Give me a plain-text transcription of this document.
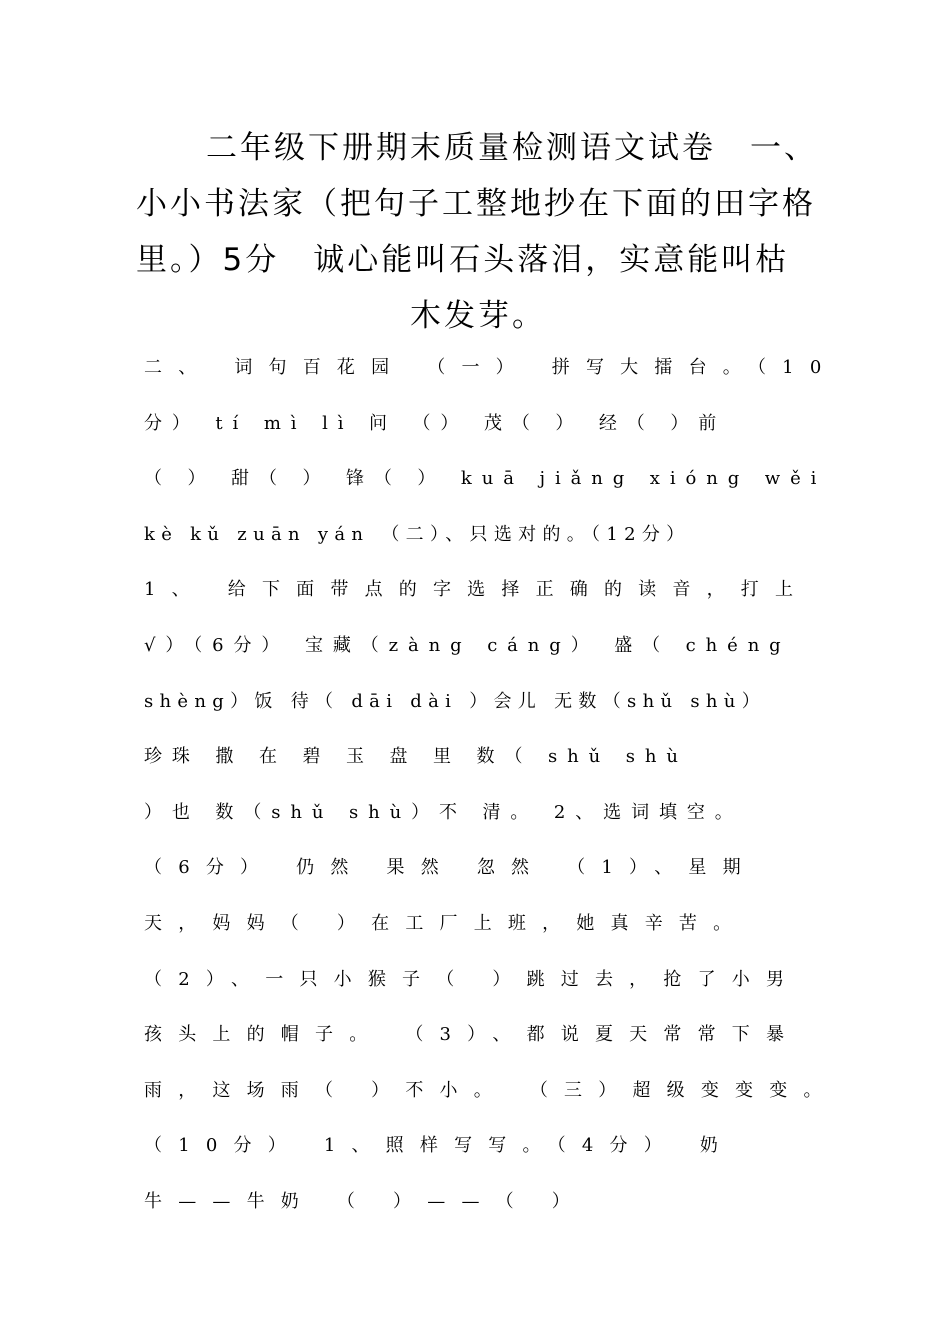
二年级下册期末质量检测语文试卷　一、
小小书法家（把句子工整地抄在下面的田字格
里。）5分　诚心能叫石头落泪，实意能叫枯
木发芽。
二、 词句百花园 （一） 拼写大擂台。（10
分） tí mì lì 问 （） 茂（ ） 经（ ）前
（ ） 甜（ ） 锋（ ） kuā jiǎng xióng wěi
kè kǔ zuān yán （二）、只选对的。（12分）
1、 给下面带点的字选择正确的读音，打上
√）（6分） 宝藏（zàng cáng） 盛（ chéng
shèng）饭 待（ dāi dài ）会儿 无数（shǔ shù）
珍珠 撒 在 碧 玉 盘 里 数（ shǔ shù
）也 数（shǔ shù）不 清。 2、选词填空。
（6分） 仍然 果然 忽然 （1）、星期
天，妈妈（ ）在工厂上班，她真辛苦。
（2）、一只小猴子（ ）跳过去，抢了小男
孩头上的帽子。 （3）、都说夏天常常下暴
雨，这场雨（ ）不小。 （三）超级变变变。
（10分） 1、照样写写。（4分） 奶
牛——牛奶 （ ）——（ ）
